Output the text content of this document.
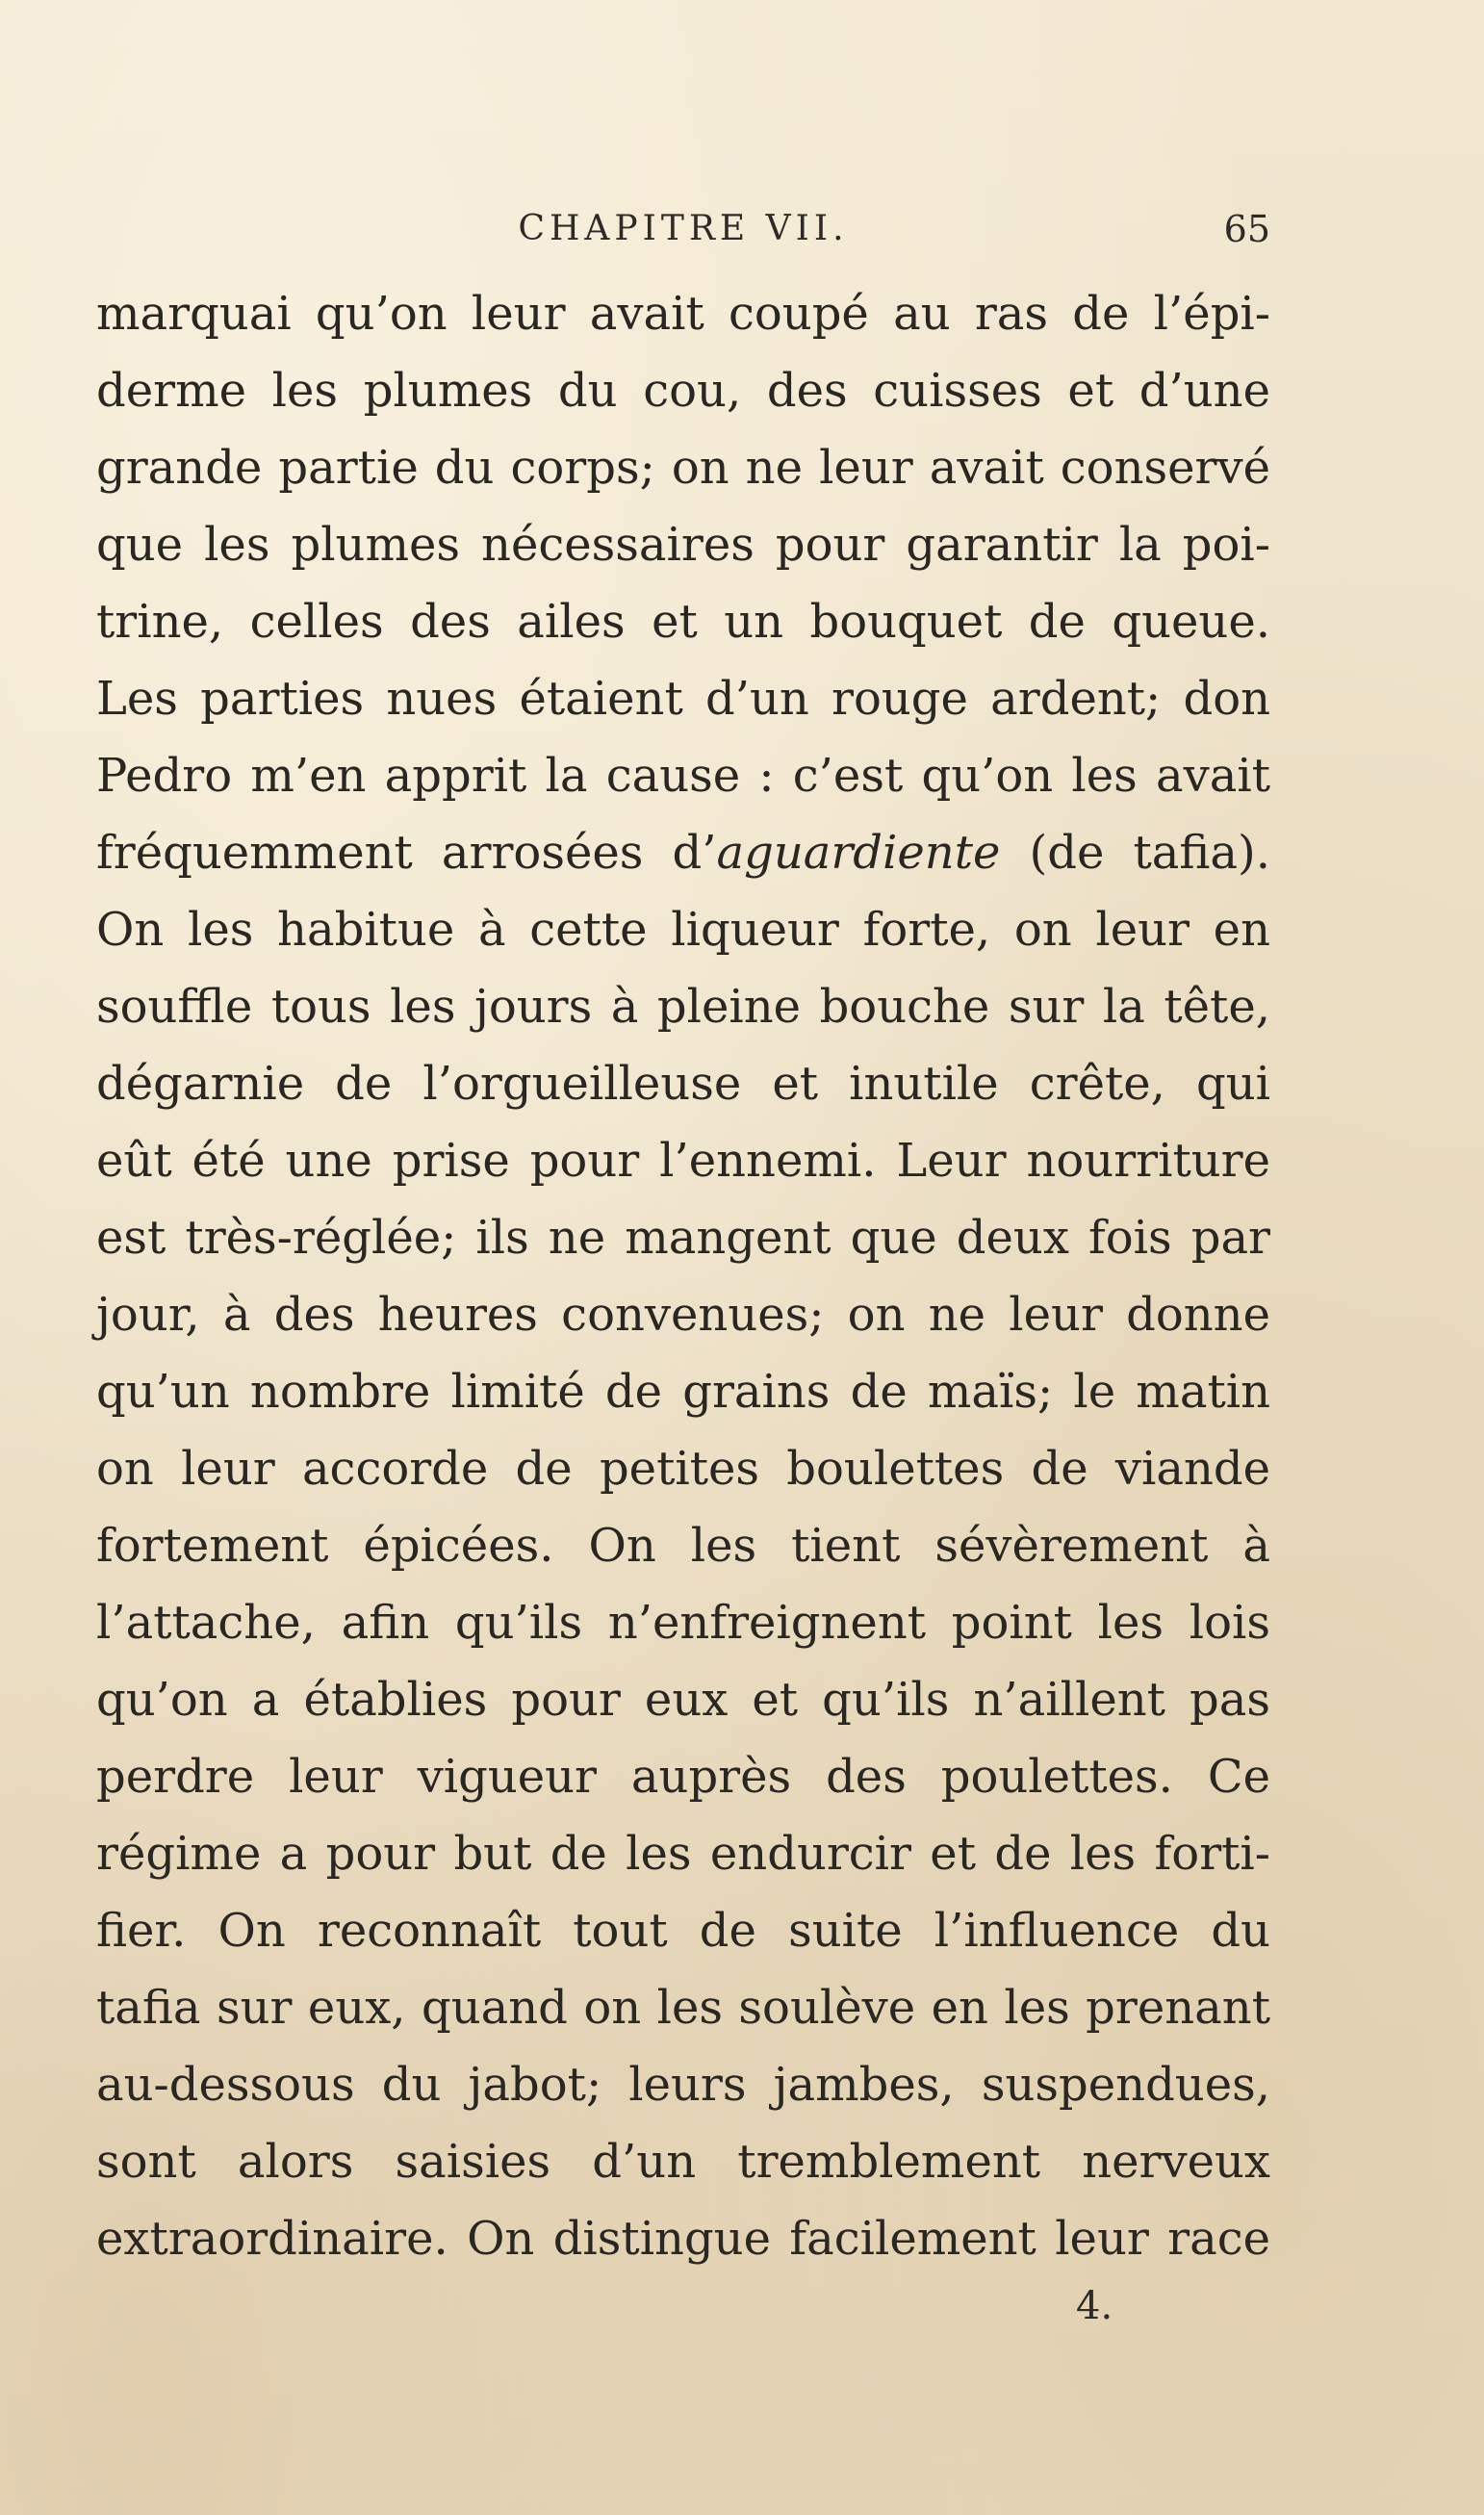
CHAPITRE VII.	65
marquai qu’on leur avait coupé au ras de l’épi-
derme les plumes du cou, des cuisses et d’une
grande partie du corps; on ne leur avait conservé
que les plumes nécessaires pour garantir la poi-
trine, celles des ailes et un bouquet de queue.
Les parties nues étaient d’un rouge ardent; don
Pedro m’en apprit la cause : c’est qu’on les avait
fréquemment arrosées d’aguardiente (de tafia).
On les habitue à cette liqueur forte, on leur en
souffle tous les jours à pleine bouche sur la tête,
dégarnie de l’orgueilleuse et inutile crête, qui
eût été une prise pour l’ennemi. Leur nourriture
est très-réglée; ils ne mangent que deux fois par
jour, à des heures convenues; on ne leur donne
qu’un nombre limité de grains de maïs; le matin
on leur accorde de petites boulettes de viande
fortement épicées. On les tient sévèrement à
l’attache, afin qu’ils n’enfreignent point les lois
qu’on a établies pour eux et qu’ils n’aillent pas
perdre leur vigueur auprès des poulettes. Ce
régime a pour but de les endurcir et de les forti-
fier. On reconnaît tout de suite l’influence du
tafia sur eux, quand on les soulève en les prenant
au-dessous du jabot; leurs jambes, suspendues,
sont alors saisies d’un tremblement nerveux
extraordinaire. On distingue facilement leur race
4.
